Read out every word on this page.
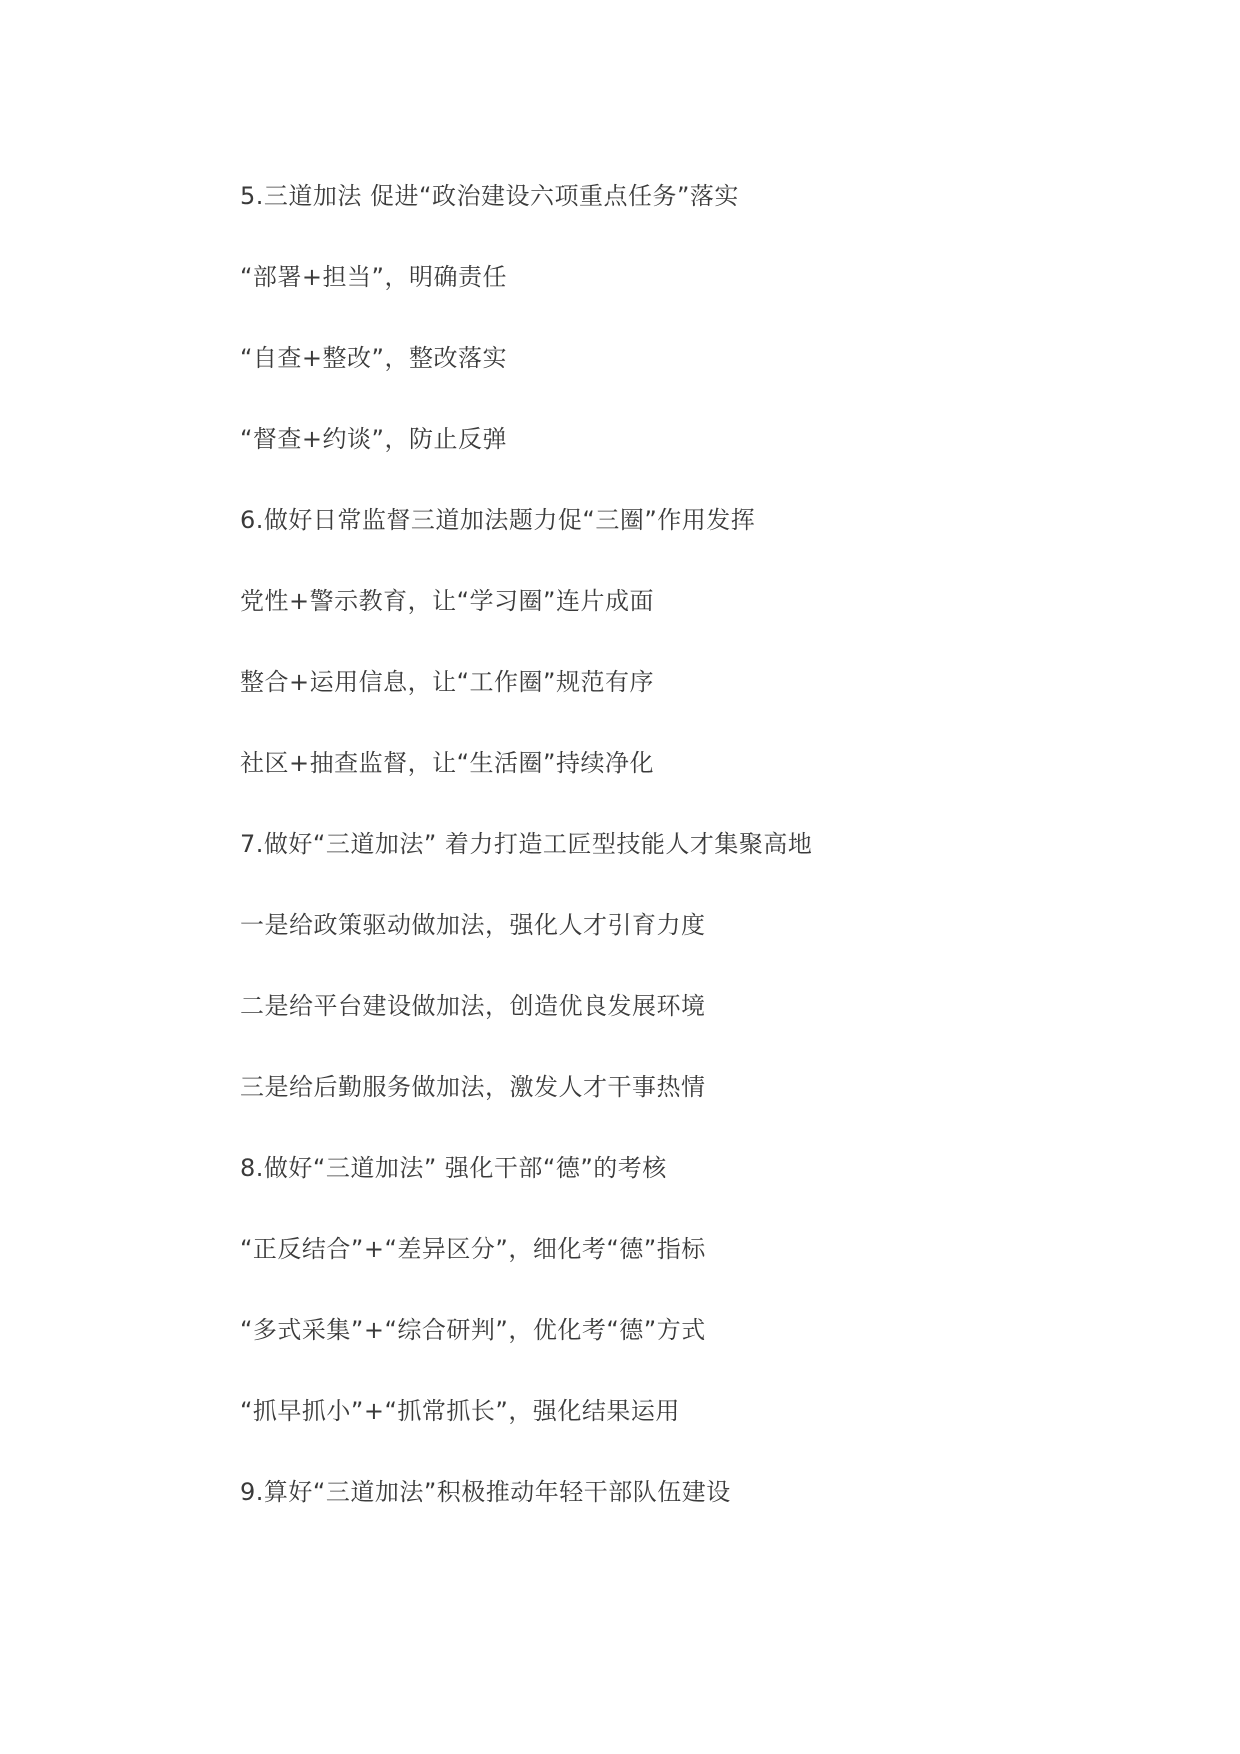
5.三道加法 促进“政治建设六项重点任务”落实
“部署+担当”，明确责任
“自查+整改”，整改落实
“督查+约谈”，防止反弹
6.做好日常监督三道加法题力促“三圈”作用发挥
党性+警示教育，让“学习圈”连片成面
整合+运用信息，让“工作圈”规范有序
社区+抽查监督，让“生活圈”持续净化
7.做好“三道加法” 着力打造工匠型技能人才集聚高地
一是给政策驱动做加法，强化人才引育力度
二是给平台建设做加法，创造优良发展环境
三是给后勤服务做加法，激发人才干事热情
8.做好“三道加法” 强化干部“德”的考核
“正反结合”+“差异区分”，细化考“德”指标
“多式采集”+“综合研判”，优化考“德”方式
“抓早抓小”+“抓常抓长”，强化结果运用
9.算好“三道加法”积极推动年轻干部队伍建设
